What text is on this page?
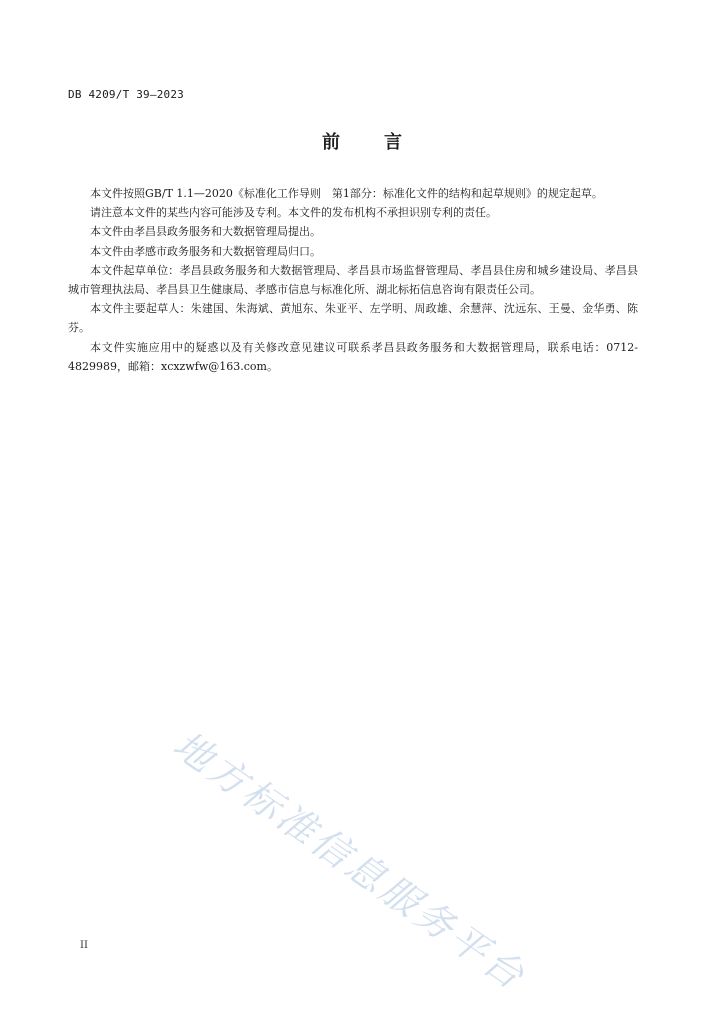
DB 4209/T 39—2023
前 言

本文件按照GB/T 1.1—2020《标准化工作导则　第1部分：标准化文件的结构和起草规则》的规定起草。

请注意本文件的某些内容可能涉及专利。本文件的发布机构不承担识别专利的责任。

本文件由孝昌县政务服务和大数据管理局提出。

本文件由孝感市政务服务和大数据管理局归口。

本文件起草单位：孝昌县政务服务和大数据管理局、孝昌县市场监督管理局、孝昌县住房和城乡建设局、孝昌县城市管理执法局、孝昌县卫生健康局、孝感市信息与标准化所、湖北标拓信息咨询有限责任公司。

本文件主要起草人：朱建国、朱海斌、黄旭东、朱亚平、左学明、周政雄、余慧萍、沈远东、王曼、金华勇、陈芬。

本文件实施应用中的疑惑以及有关修改意见建议可联系孝昌县政务服务和大数据管理局，联系电话：0712-4829989，邮箱：xcxzwfw@163.com。

地方标准信息服务平台
II
